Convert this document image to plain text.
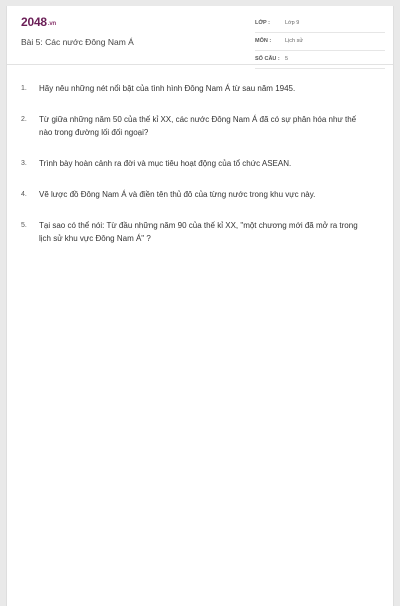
2048.vn
Bài 5: Các nước Đông Nam Á
LỚP :	Lớp 9
MÔN :	Lịch sử
SỐ CÂU : 5
1. Hãy nêu những nét nổi bật của tình hình Đông Nam Á từ sau năm 1945.
2. Từ giữa những năm 50 của thế kỉ XX, các nước Đông Nam Á đã có sự phân hóa như thế nào trong đường lối đối ngoại?
3. Trình bày hoàn cảnh ra đời và mục tiêu hoạt động của tổ chức ASEAN.
4. Vẽ lược đồ Đông Nam Á và điền tên thủ đô của từng nước trong khu vực này.
5. Tại sao có thể nói: Từ đầu những năm 90 của thế kỉ XX, "một chương mới đã mở ra trong lịch sử khu vực Đông Nam Á" ?
